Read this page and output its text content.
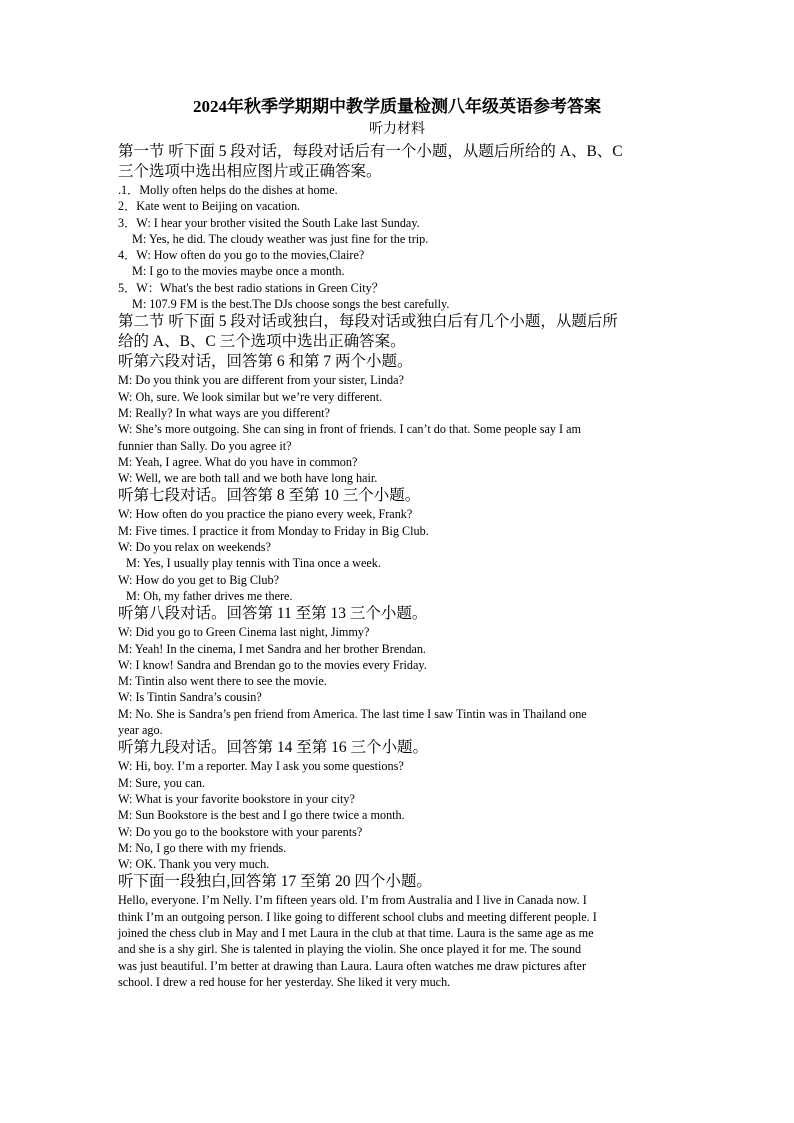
2024年秋季学期期中教学质量检测八年级英语参考答案
听力材料

第一节 听下面 5 段对话，每段对话后有一个小题，从题后所给的 A、B、C

三个选项中选出相应图片或正确答案。

.1．Molly often helps do the dishes at home.

2．Kate went to Beijing on vacation.

3．W: I hear your brother visited the South Lake last Sunday.

M: Yes, he did. The cloudy weather was just fine for the trip.

4．W: How often do you go to the movies,Claire?

M: I go to the movies maybe once a month.

5．W：What's the best radio stations in Green City？

M: 107.9 FM is the best.The DJs choose songs the best carefully.

第二节 听下面 5 段对话或独白，每段对话或独白后有几个小题，从题后所

给的 A、B、C 三个选项中选出正确答案。

听第六段对话，回答第 6 和第 7 两个小题。

M: Do you think you are different from your sister, Linda?

W: Oh, sure. We look similar but we’re very different.

M: Really? In what ways are you different?

W: She’s more outgoing. She can sing in front of friends. I can’t do that. Some people say I am

funnier than Sally. Do you agree it?

M: Yeah, I agree. What do you have in common?

W: Well, we are both tall and we both have long hair.

听第七段对话。回答第 8 至第 10 三个小题。

W: How often do you practice the piano every week, Frank?

M: Five times. I practice it from Monday to Friday in Big Club.

W: Do you relax on weekends?

M: Yes, I usually play tennis with Tina once a week.

W: How do you get to Big Club?

M: Oh, my father drives me there.

听第八段对话。回答第 11 至第 13 三个小题。

W: Did you go to Green Cinema last night, Jimmy?

M: Yeah! In the cinema, I met Sandra and her brother Brendan.

W: I know! Sandra and Brendan go to the movies every Friday.

M: Tintin also went there to see the movie.

W: Is Tintin Sandra’s cousin?

M: No. She is Sandra’s pen friend from America. The last time I saw Tintin was in Thailand one

year ago.

听第九段对话。回答第 14 至第 16 三个小题。

W: Hi, boy. I’m a reporter. May I ask you some questions?

M: Sure, you can.

W: What is your favorite bookstore in your city?

M: Sun Bookstore is the best and I go there twice a month.

W: Do you go to the bookstore with your parents?

M: No, I go there with my friends.

W: OK. Thank you very much.

听下面一段独白,回答第 17 至第 20 四个小题。

Hello, everyone. I’m Nelly. I’m fifteen years old. I’m from Australia and I live in Canada now. I

think I’m an outgoing person. I like going to different school clubs and meeting different people. I

joined the chess club in May and I met Laura in the club at that time. Laura is the same age as me

and she is a shy girl. She is talented in playing the violin. She once played it for me. The sound

was just beautiful. I’m better at drawing than Laura. Laura often watches me draw pictures after

school. I drew a red house for her yesterday. She liked it very much.
